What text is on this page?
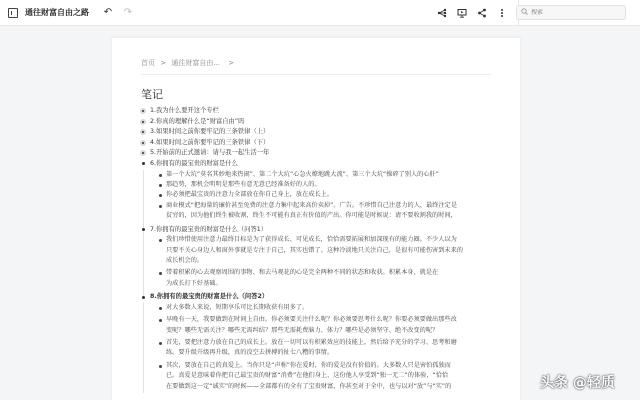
通往财富自由之路 ↶ ↷
搜索
首页 > 通往财富自由... >
笔记
1.我为什么要开这个专栏
2.你真的理解什么是“财富自由”吗
3.如果时间之前你要牢记的三条铁律（上）
4.如果时间之前你要牢记的三条铁律（下）
5.开始前的正式邀请：请与我一起生活一年
6.你拥有的最宝贵的财富是什么
第一个大坑“莫名其妙地来热闹”、第二个大坑“心急火燎地跳大流”、第三个大坑“操碎了别人的心肝”
那趋势，那机会明明是那些有意无意已经准备好的人的。
你必须把最宝贵的注意力全部放在你自己身上，放在成长上。
商业模式“把海量的廉价甚至免费的注意力集中起来高价卖掉”。广告。不珍惜自己注意力的人，最终注定是
贫穷的，因为他们终生被收割，终生不可能有真正有价值的产出。你可能是时候说：请不要收割我的时间，
7.你拥有的最宝贵的财富是什么（问答1）
我们珍惜使用注意力最终目标是为了获得成长、可见成长，恰恰需要拓展和加深现有的能力圈。不少人以为
只要不关心身边人和窗外事就是专注于自己，其实也错了。这种冷淡地只关注自己，是很有可能伤害到未来的
成长机会的。
带着积累的心去观察周围的事物、和去马观花的心是完全两种不同的状态和收获。积累本身，就是在
为成长打下好基础。
8.你拥有的最宝贵的财富是什么（问答2）
对大多数人来说，短期享乐可比长期收获有用多了。
早晚有一天，我要做到在时间上自由。你必须要关注什么呢？你必须要思考什么呢？你要必须要做出那些改
变呢？哪些无需关注？哪些无需纠结？那些无需耗费脑力、体力？哪些是必须坚守、绝不改变的呢？
首先，要把注意力放在自己的成长上。放在一切可以有积累效应的技能上，然后给予充分的学习、思考和磨
练。要升级升级再升级，真的没空去拼搏的扯七八糟的事情。
其次，要放在自己的真爱上。当你只是“声称”你在爱时，你的爱是没有价值的。大多数人只是害怕孤独而
已。真爱是意味着你把自己最宝贵的财富“消费”在他们身上，这份他人享受到“独一无二”的体验，“恰恰
在要做到这一定“诚实”的时候——全部都有的全有了宝贵财富，你甚至对于全中，也与以对“放”与“实”的	头条 @轻质
